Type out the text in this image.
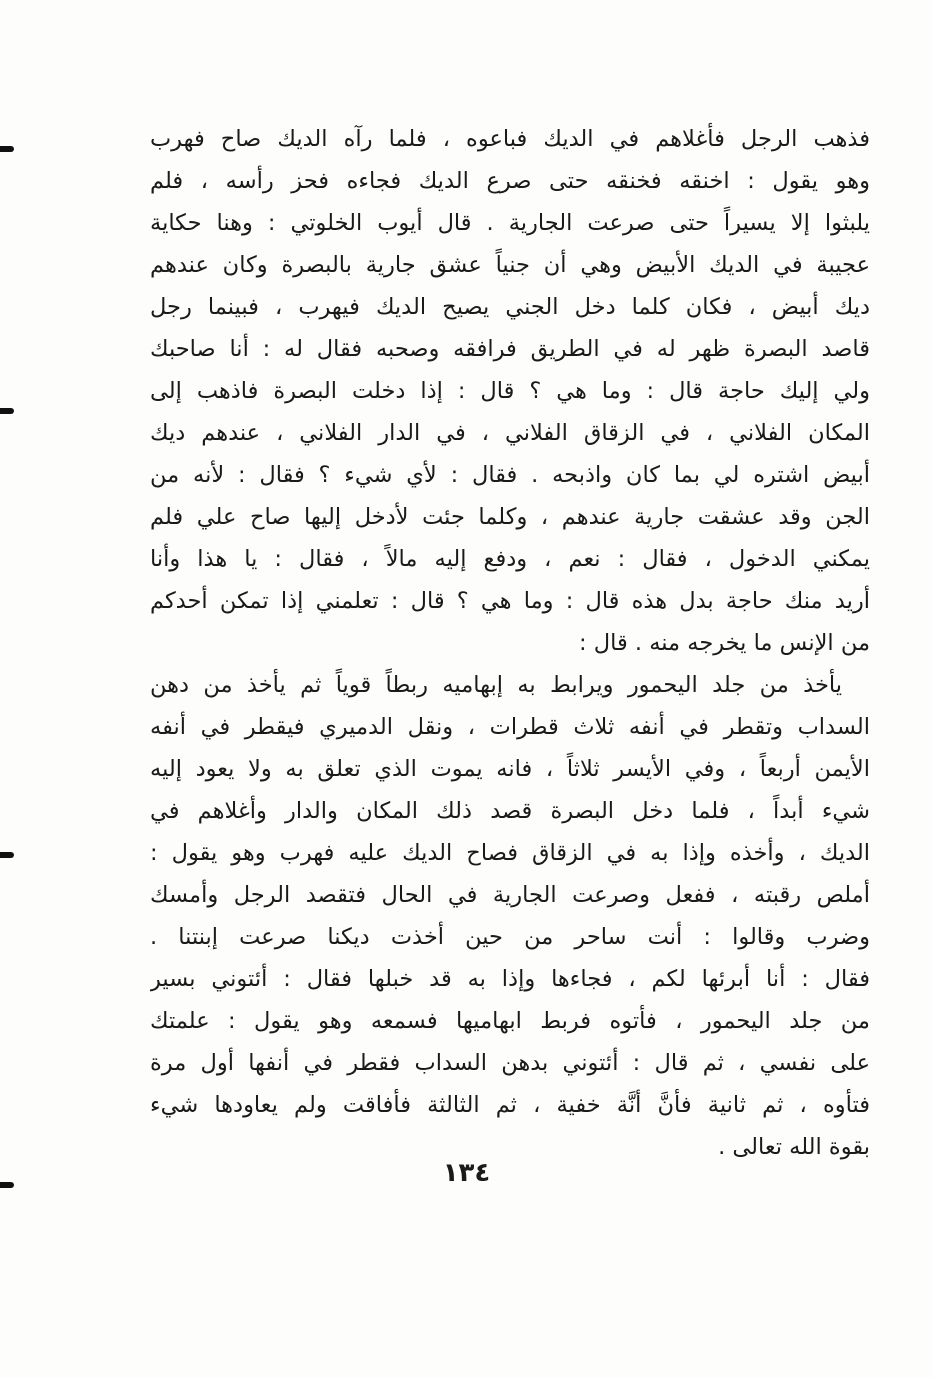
فذهب الرجل فأغلاهم في الديك فباعوه ، فلما رآه الديك صاح فهرب
وهو يقول : اخنقه فخنقه حتى صرع الديك فجاءه فحز رأسه ، فلم
يلبثوا إلا يسيراً حتى صرعت الجارية . قال أيوب الخلوتي : وهنا حكاية
عجيبة في الديك الأبيض وهي أن جنياً عشق جارية بالبصرة وكان عندهم
ديك أبيض ، فكان كلما دخل الجني يصيح الديك فيهرب ، فبينما رجل
قاصد البصرة ظهر له في الطريق فرافقه وصحبه فقال له : أنا صاحبك
ولي إليك حاجة قال : وما هي ؟ قال : إذا دخلت البصرة فاذهب إلى
المكان الفلاني ، في الزقاق الفلاني ، في الدار الفلاني ، عندهم ديك
أبيض اشتره لي بما كان واذبحه . فقال : لأي شيء ؟ فقال : لأنه من
الجن وقد عشقت جارية عندهم ، وكلما جئت لأدخل إليها صاح علي فلم
يمكني الدخول ، فقال : نعم ، ودفع إليه مالاً ، فقال : يا هذا وأنا
أريد منك حاجة بدل هذه قال : وما هي ؟ قال : تعلمني إذا تمكن أحدكم
من الإنس ما يخرجه منه . قال :
يأخذ من جلد اليحمور ويرابط به إبهاميه ربطاً قوياً ثم يأخذ من دهن
السداب وتقطر في أنفه ثلاث قطرات ، ونقل الدميري فيقطر في أنفه
الأيمن أربعاً ، وفي الأيسر ثلاثاً ، فانه يموت الذي تعلق به ولا يعود إليه
شيء أبداً ، فلما دخل البصرة قصد ذلك المكان والدار وأغلاهم في
الديك ، وأخذه وإذا به في الزقاق فصاح الديك عليه فهرب وهو يقول :
أملص رقبته ، ففعل وصرعت الجارية في الحال فتقصد الرجل وأمسك
وضرب وقالوا : أنت ساحر من حين أخذت ديكنا صرعت إبنتنا .
فقال : أنا أبرئها لكم ، فجاءها وإذا به قد خبلها فقال : أئتوني بسير
من جلد اليحمور ، فأتوه فربط ابهاميها فسمعه وهو يقول : علمتك
على نفسي ، ثم قال : أئتوني بدهن السداب فقطر في أنفها أول مرة
فتأوه ، ثم ثانية فأنَّ أنَّة خفية ، ثم الثالثة فأفاقت ولم يعاودها شيء
بقوة الله تعالى .
١٣٤
